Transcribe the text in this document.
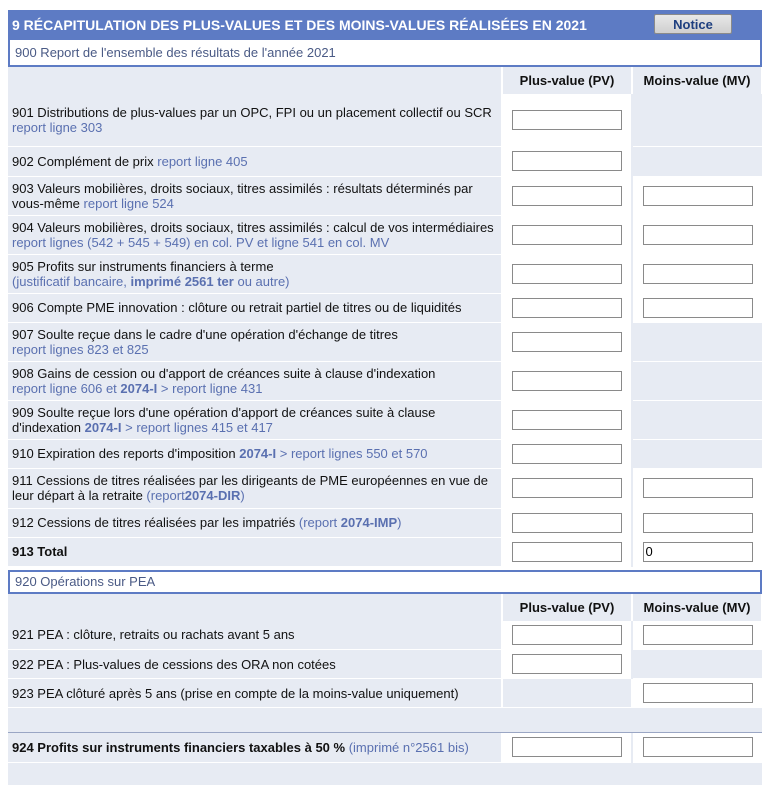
9 RÉCAPITULATION DES PLUS-VALUES ET DES MOINS-VALUES RÉALISÉES EN 2021	Notice
900 Report de l'ensemble des résultats de l'année 2021
	Plus-value (PV)	Moins-value (MV)
901 Distributions de plus-values par un OPC, FPI ou un placement collectif ou SCR
report ligne 303		
902 Complément de prix report ligne 405		
903 Valeurs mobilières, droits sociaux, titres assimilés : résultats déterminés par vous-même report ligne 524		
904 Valeurs mobilières, droits sociaux, titres assimilés : calcul de vos intermédiaires report lignes (542 + 545 + 549) en col. PV et ligne 541 en col. MV		
905 Profits sur instruments financiers à terme
(justificatif bancaire, imprimé 2561 ter ou autre)		
906 Compte PME innovation : clôture ou retrait partiel de titres ou de liquidités		
907 Soulte reçue dans le cadre d'une opération d'échange de titres
report lignes 823 et 825		
908 Gains de cession ou d'apport de créances suite à clause d'indexation
report ligne 606 et 2074-I > report ligne 431		
909 Soulte reçue lors d'une opération d'apport de créances suite à clause d'indexation 2074-I > report lignes 415 et 417		
910 Expiration des reports d'imposition 2074-I > report lignes 550 et 570		
911 Cessions de titres réalisées par les dirigeants de PME européennes en vue de leur départ à la retraite (report2074-DIR)		
912 Cessions de titres réalisées par les impatriés (report 2074-IMP)		
913 Total		0
920 Opérations sur PEA
	Plus-value (PV)	Moins-value (MV)
921 PEA : clôture, retraits ou rachats avant 5 ans		
922 PEA : Plus-values de cessions des ORA non cotées		
923 PEA clôturé après 5 ans (prise en compte de la moins-value uniquement)		

924 Profits sur instruments financiers taxables à 50 % (imprimé n°2561 bis)		
